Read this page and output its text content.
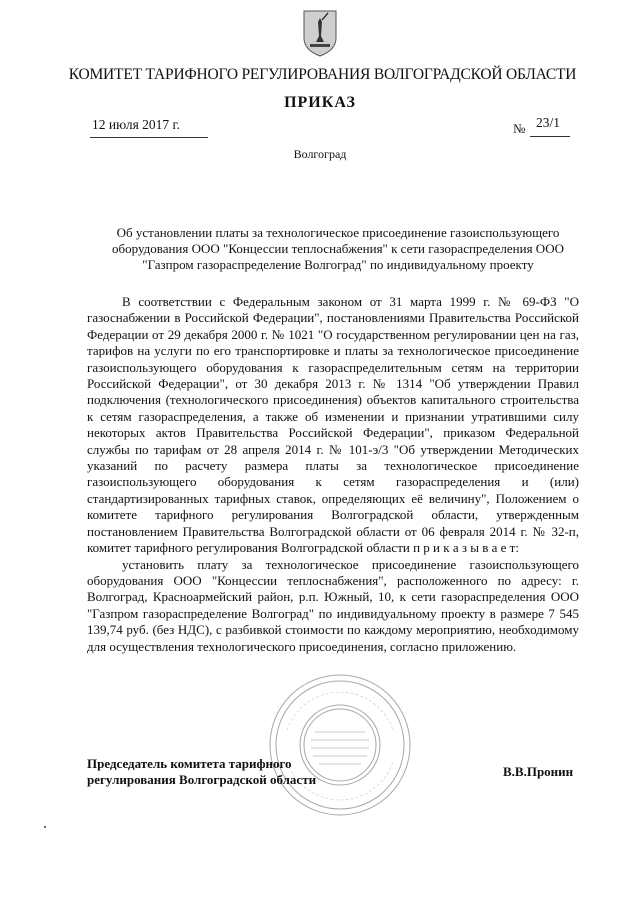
КОМИТЕТ ТАРИФНОГО РЕГУЛИРОВАНИЯ ВОЛГОГРАДСКОЙ ОБЛАСТИ
ПРИКАЗ
12 июля 2017 г.	№ 23/1
Волгоград
Об установлении платы за технологическое присоединение газоиспользующего оборудования ООО "Концессии теплоснабжения" к сети газораспределения ООО "Газпром газораспределение Волгоград" по индивидуальному проекту

В соответствии с Федеральным законом от 31 марта 1999 г. № 69-ФЗ "О газоснабжении в Российской Федерации", постановлениями Правительства Российской Федерации от 29 декабря 2000 г. № 1021 "О государственном регулировании цен на газ, тарифов на услуги по его транспортировке и платы за технологическое присоединение газоиспользующего оборудования к газораспределительным сетям на территории Российской Федерации", от 30 декабря 2013 г. № 1314 "Об утверждении Правил подключения (технологического присоединения) объектов капитального строительства к сетям газораспределения, а также об изменении и признании утратившими силу некоторых актов Правительства Российской Федерации", приказом Федеральной службы по тарифам от 28 апреля 2014 г. № 101-э/3 "Об утверждении Методических указаний по расчету размера платы за технологическое присоединение газоиспользующего оборудования к сетям газораспределения и (или) стандартизированных тарифных ставок, определяющих её величину", Положением о комитете тарифного регулирования Волгоградской области, утвержденным постановлением Правительства Волгоградской области от 06 февраля 2014 г. № 32-п, комитет тарифного регулирования Волгоградской области п р и к а з ы в а е т:

установить плату за технологическое присоединение газоиспользующего оборудования ООО "Концессии теплоснабжения", расположенного по адресу: г. Волгоград, Красноармейский район, р.п. Южный, 10, к сети газораспределения ООО "Газпром газораспределение Волгоград" по индивидуальному проекту в размере 7 545 139,74 руб. (без НДС), с разбивкой стоимости по каждому мероприятию, необходимому для осуществления технологического присоединения, согласно приложению.

Председатель комитета тарифного
регулирования Волгоградской области
В.В.Пронин
